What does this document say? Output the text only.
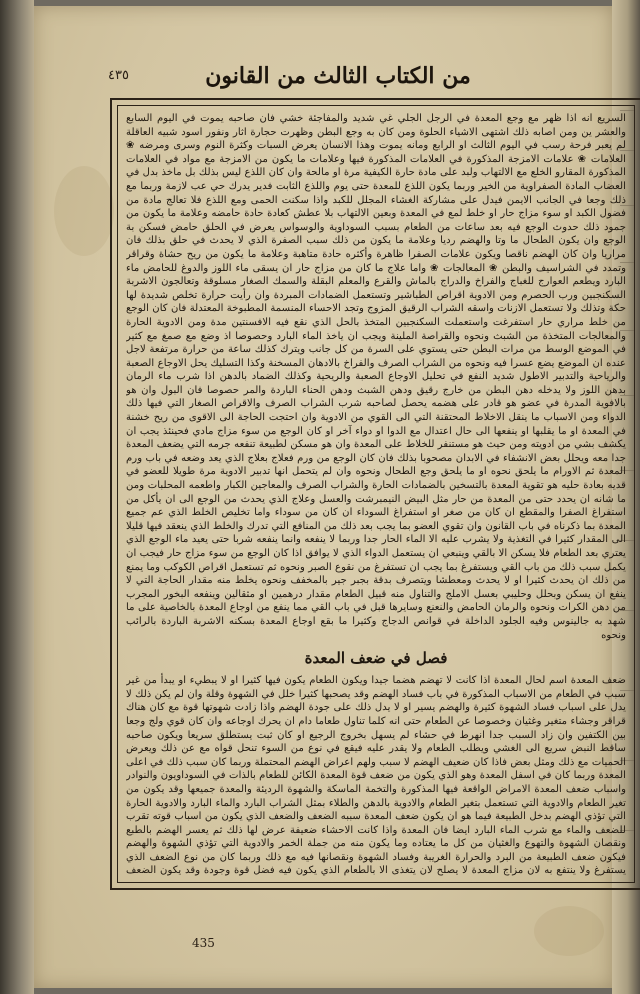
من الكتاب الثالث من القانون
٤٣٥

السريع انه اذا ظهر مع وجع المعدة في الرجل الجلي غي شديد والمفاجئة خشي فان صاحبه يموت في اليوم السابع والعشر ين ومن اصابه ذلك اشتهى الاشياء الحلوة ومن كان به وجع البطن وظهرت حجارة اثار ونفور اسود شبيه العاقلة لم يعبر فرحة رسب في اليوم الثالث او الرابع ومانه يموت وهذا الانسان يعرض السبات وكثرة النوم وسرى ومرضه ❀ العلامات ❀ علامات الامزجة المذكورة في العلامات المذكورة فيها وعلامات ما يكون من الامزجة مع مواد في العلامات المذكورة المقارو الخلع مع الالتهاب ولبد على مادة حارة الكيفية مرة او مالحة وان كان اللذع ليس بذلك بل ماخذ بدل في العضاب المادة الصفراوية من الخير وربما يكون اللذع للمعدة حتى يوم واللذع الثابت فدير يدرك حي عب لازمة وربما مع ذلك وجعا في الجانب الايمن فيدل على مشاركة الغشاء المجلل للكبد واذا سكنت الحمى ومع اللذع فلا تعالج مادة من فضول الكبد او سوء مزاج حار او خلط لمع في المعدة وبعين الالتهاب بلا عطش كعادة حادة حامضه وعلامة ما يكون من جمود ذلك حدوث الوجع فيه بعد ساعات من الطعام بسبب السوداوية والوسواس يعرض في الحلق حامض فسكن بة الوجع وان يكون الطحال ما وتا والهضم رديا وعلامة ما يكون من ذلك سبب الصفرة الذي لا يحدث في حلق بذلك فان مراريا وان كان الهضم ناقصا ويكون علامات الصفرا ظاهرة وأكثره حادة متاهبة وعلامة ما يكون من ريح حشاة وقراقر وتمدد في الشراسيف والبطن ❀ المعالجات ❀ واما علاج ما كان من مزاج حار ان يسقى ماء اللوز والدوغ للحامض ماء البارد ويطعم العوارج للغباج والفراخ والدراج بالماش والقرع والمعلم البقلة والسمك الصغار مسلوقة وتعالجون الاشربة السكنجبين ورب الحصرم ومن الادوية اقراص الطباشير وتستعمل الضمادات المبردة وان رأيت حرارة تخلص شديدة لها حكة وتذلك ولا تستعمل الازنات واسقه الشراب الرقيق المزوج وتجد الاحساء المنسمة المطبوخة المعتدلة فان كان الوجع من خلط مراري حار استفرغت واستعملت السكنجبين المتخذ بالحل الذي نقع فيه الافسنتين مدة ومن الادوية الحارة والمعالجات المتخذة من الشبث ونحوه والقراصة الملينة ويجب ان ياخذ الماء البارد وحصوصا اذ وضع مع صمغ مع كثير في الموضع الوسط من مرات البطن حتى يستوي على السرة من كل جانب ويترك كذلك ساعة من حرارة مرتفعة لاجل عنده ان الموضع يضع عسرا فيه ونحوه من الشراب الصرف والفراخ بالادهان المسخنة وكذا التسليك يحل الاوجاع الصعبة والرياحية والتدبير الاطول شديد النفع في تحليل الاوجاع الصعبة والريحية وكذلك الضماد بالدهن اذا شرب ماء الرمان بدهن اللوز ولا يدخله دهن البطن من خارج رقيق ودهن الشبث ودهن الحناء الباردة والمر حصوصا فان البول وان هو بالافوية المدرة في عضو هو قادر على هضمه يحصل لصاحبه شرب الشراب الصرف والاقراص الصغار التي فيها ذلك الدواء ومن الاسباب ما ينقل الاخلاط المحتقنة التي الى القوي من الادوية وان احتجت الحاجة الى الاقوى من ريح خشنة في المعدة او ما يقلبها او ينفعها الى حال اعتدال مع الدوا او دواء آخر او كان الوجع من سوء مزاج مادي فحينئذ يجب ان يكشف بشي من ادويته ومن حيث هو مستنفر للخلاط على المعدة وان هو مسكن لطبيعة تنفعه جرمه التي يضعف المعدة جدا معه ويحلل بعض الانشفاء في الابدان مصحوبا بذلك فان كان الوجع من ورم فعلاج بعلاج الذي يعد وضعه في باب ورم المعدة ثم الاورام ما يلحق نحوه او ما يلحق وجع الطحال ونحوه وان لم يتحمل انها تدبير الادوية مرة طويلا للعضو في قديه بعادة حليه هو تقوية المعدة بالتسخين بالضمادات الحارة والشراب الصرف والمعاجين الكبار واطعمه المحلبات ومن ما شانه ان يحدد حتى من المعدة من حار مثل البيض النيمبرشت والعسل وعلاج الذي يحدث من الوجع الى ان يأكل من استفراغ الصفرا والمقطع ان كان من صغر او استفراغ السوداء ان كان من سوداء واما تخليص الخلط الذي عم جميع المعدة بما ذكرناه في باب القانون وان تقوي العضو بما يجب بعد ذلك من المنافع التي تدرك والخلط الذي ينعقد فيها قليلا الى المقدار كثيرا في التغذية ولا يشرب عليه الا الماء الحار جدا وربما لا ينفعه وانما ينفعه شربا حتى يعيد ماء الوجع الذي يعتري بعد الطعام فلا يسكن الا بالقي وينبعي ان يستعمل الدواء الذي لا يوافق اذا كان الوجع من سوء مزاج حار فيجب ان يكمل سبب ذلك من باب القي ويستفرغ بما يجب ان تستفرغ من نقوع الصبر ونحوه ثم تستعمل اقراص الكوكب وما يمنع من ذلك ان يحدث كثيرا او لا يحدث ومعطشا ويتصرف بدقة بجبر جير بالمخفف ونحوه يخلط منه مقدار الحاجة التي لا ينفع ان يسكن وبحلل وحليبي بعسل الاملج والتناول منه قبيل الطعام مقدار درهمين او مثقالين وينفعه البخور المجرب من دهن الكرات ونحوه والرمان الحامض والنعنع وسايرها قبل في باب القي مما ينفع من اوجاع المعدة بالخاصية على ما شهد به جالينوس وفيه الجلود الداخلة في قوانص الدجاج وكثيرا ما بقع اوجاع المعدة بسكنه الاشربة الباردة بالرائب ونحوه

فصل في ضعف المعدة

ضعف المعدة اسم لحال المعدة اذا كانت لا تهضم هضما جيدا ويكون الطعام يكون فيها كثيرا او لا يبطيء او يبدأ من غير سبب في الطعام من الاسباب المذكورة في باب فساد الهضم وقد يصحبها كثيرا خلل في الشهوة وقلة وان لم يكن ذلك لا يدل على اسباب فساد الشهوة كثيرة والهضم يسير او لا يدل ذلك على جودة الهضم واذا زادت شهوتها قوة مع كان هناك قراقر وجشاء متغير وغثيان وخصوصا عن الطعام حتى انه كلما تناول طعاما دام ان يحرك اوجاعه وان كان قوي ولج وجعا بين الكتفين وان زاد السبب جدا انهرط في حشاء لم يسهل بخروج الرجيع او كان ثبت يستطلق سريعا ويكون صاحبه ساقط النبض سريع الى الغشي ويطلب الطعام ولا يقدر عليه فيقع في نوع من السوء تنحل قواه مع عن ذلك ويعرض الحميات مع ذلك ومثل بعض فاذا كان ضعيف الهضم لا سبب ولهم اعراض الهضم المحتملة وربما كان سبب ذلك في اعلى المعدة وربما كان في اسفل المعدة وهو الذي يكون من ضعف قوة المعدة الكائن للطعام بالذات في السوداويون والنوادر واسباب ضعف المعدة الامراض الواقعة فيها المذكورة والتخمة الماسكة والشهوة الرديئة والمعدة جميعها وقد يكون من تغير الطعام والادوية التي تستعمل بتغير الطعام والادوية بالدهن والطلاء بمثل الشراب البارد والماء البارد والادوية الحارة التي تؤذي الهضم بدخل الطبيعة فيما هو ان يكون ضعف المعدة سببه الضعف والضعف الذي يكون من اسباب قوته تقرب للضعف والماء مع شرب الماء البارد ايضا فان المعدة واذا كانت الاحشاء ضعيفة عرض لها ذلك ثم يعسر الهضم بالطبع ونقصان الشهوة والتهوع والغثيان من كل ما يعتاده وما يكون منه من جملة الخمر والادوية التي تؤذي الشهوة والهضم فيكون ضعف الطبيعة من البرد والحرارة الغريبة وفساد الشهوة ونقصانها فيه مع ذلك وربما كان من نوع الضعف الذي يستفرغ ولا ينتفع به لان مزاج المعدة لا يصلح لان يتغذى الا بالطعام الذي يكون فيه فضل قوة وجودة وقد يكون الضعف

435
